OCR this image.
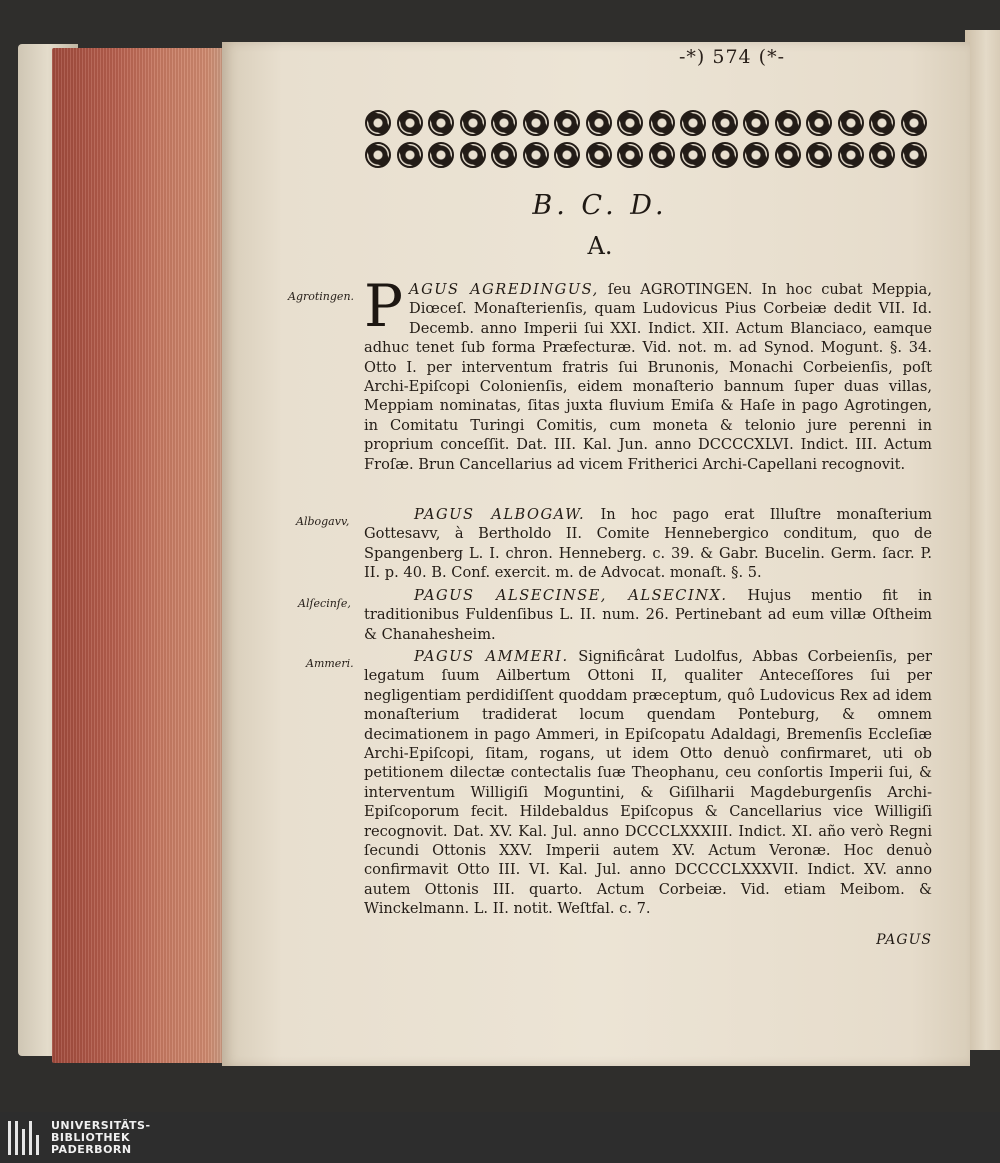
-*) 574 (*-
B. C. D.
A.
Agrotingen.
Albogavv,
Alſecinſe,
Ammeri.
PAGUS AGREDINGUS, ſeu AGROTINGEN. In hoc cubat Meppia, Diœceſ. Monaſterienſis, quam Ludovicus Pius Corbeiæ dedit VII. Id. Decemb. anno Imperii ſui XXI. Indict. XII. Actum Blanciaco, eamque adhuc tenet ſub forma Præfecturæ. Vid. not. m. ad Synod. Mogunt. §. 34. Otto I. per interventum fratris ſui Brunonis, Monachi Corbeienſis, poſt Archi-Epiſcopi Colonienſis, eidem monaſterio bannum ſuper duas villas, Meppiam nominatas, ſitas juxta fluvium Emiſa & Haſe in pago Agrotingen, in Comitatu Turingi Comitis, cum moneta & telonio jure perenni in proprium conceſſit. Dat. III. Kal. Jun. anno DCCCCXLVI. Indict. III. Actum Froſæ. Brun Cancellarius ad vicem Fritherici Archi-Capellani recognovit.
PAGUS ALBOGAW. In hoc pago erat Illuſtre monaſterium Gottesavv, à Bertholdo II. Comite Hennebergico conditum, quo de Spangenberg L. I. chron. Henneberg. c. 39. & Gabr. Bucelin. Germ. ſacr. P. II. p. 40. B. Conf. exercit. m. de Advocat. monaſt. §. 5.
PAGUS ALSECINSE, ALSECINX. Hujus mentio fit in traditionibus Fuldenſibus L. II. num. 26. Pertinebant ad eum villæ Oſtheim & Chanahesheim.
PAGUS AMMERI. Significârat Ludolfus, Abbas Corbeienſis, per legatum ſuum Ailbertum Ottoni II, qualiter Anteceſſores ſui per negligentiam perdidiſſent quoddam præceptum, quô Ludovicus Rex ad idem monaſterium tradiderat locum quendam Ponteburg, & omnem decimationem in pago Ammeri, in Epiſcopatu Adaldagi, Bremenſis Eccleſiæ Archi-Epiſcopi, ſitam, rogans, ut idem Otto denuò confirmaret, uti ob petitionem dilectæ contectalis ſuæ Theophanu, ceu conſortis Imperii ſui, & interventum Willigiſi Moguntini, & Giſilharii Magdeburgenſis Archi-Epiſcoporum fecit. Hildebaldus Epiſcopus & Cancellarius vice Willigiſi recognovit. Dat. XV. Kal. Jul. anno DCCCLXXXIII. Indict. XI. año verò Regni ſecundi Ottonis XXV. Imperii autem XV. Actum Veronæ. Hoc denuò confirmavit Otto III. VI. Kal. Jul. anno DCCCCLXXXVII. Indict. XV. anno autem Ottonis III. quarto. Actum Corbeiæ. Vid. etiam Meibom. & Winckelmann. L. II. notit. Weſtfal. c. 7.
PAGUS
UNIVERSITÄTS-
BIBLIOTHEK
PADERBORN
